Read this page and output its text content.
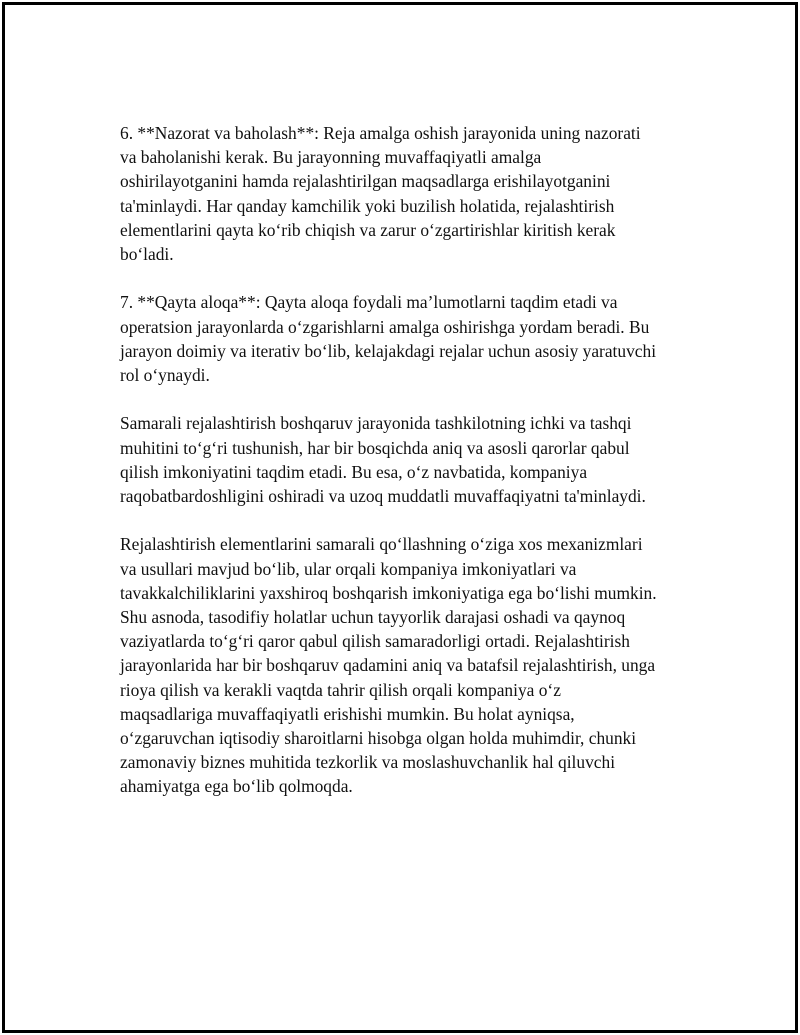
6. **Nazorat va baholash**: Reja amalga oshish jarayonida uning nazorati
va baholanishi kerak. Bu jarayonning muvaffaqiyatli amalga
oshirilayotganini hamda rejalashtirilgan maqsadlarga erishilayotganini
ta'minlaydi. Har qanday kamchilik yoki buzilish holatida, rejalashtirish
elementlarini qayta ko‘rib chiqish va zarur o‘zgartirishlar kiritish kerak
bo‘ladi.

7. **Qayta aloqa**: Qayta aloqa foydali ma’lumotlarni taqdim etadi va
operatsion jarayonlarda o‘zgarishlarni amalga oshirishga yordam beradi. Bu
jarayon doimiy va iterativ bo‘lib, kelajakdagi rejalar uchun asosiy yaratuvchi
rol o‘ynaydi.

Samarali rejalashtirish boshqaruv jarayonida tashkilotning ichki va tashqi
muhitini to‘g‘ri tushunish, har bir bosqichda aniq va asosli qarorlar qabul
qilish imkoniyatini taqdim etadi. Bu esa, o‘z navbatida, kompaniya
raqobatbardoshligini oshiradi va uzoq muddatli muvaffaqiyatni ta'minlaydi.

Rejalashtirish elementlarini samarali qo‘llashning o‘ziga xos mexanizmlari
va usullari mavjud bo‘lib, ular orqali kompaniya imkoniyatlari va
tavakkalchiliklarini yaxshiroq boshqarish imkoniyatiga ega bo‘lishi mumkin.
Shu asnoda, tasodifiy holatlar uchun tayyorlik darajasi oshadi va qaynoq
vaziyatlarda to‘g‘ri qaror qabul qilish samaradorligi ortadi. Rejalashtirish
jarayonlarida har bir boshqaruv qadamini aniq va batafsil rejalashtirish, unga
rioya qilish va kerakli vaqtda tahrir qilish orqali kompaniya o‘z
maqsadlariga muvaffaqiyatli erishishi mumkin. Bu holat ayniqsa,
o‘zgaruvchan iqtisodiy sharoitlarni hisobga olgan holda muhimdir, chunki
zamonaviy biznes muhitida tezkorlik va moslashuvchanlik hal qiluvchi
ahamiyatga ega bo‘lib qolmoqda.
